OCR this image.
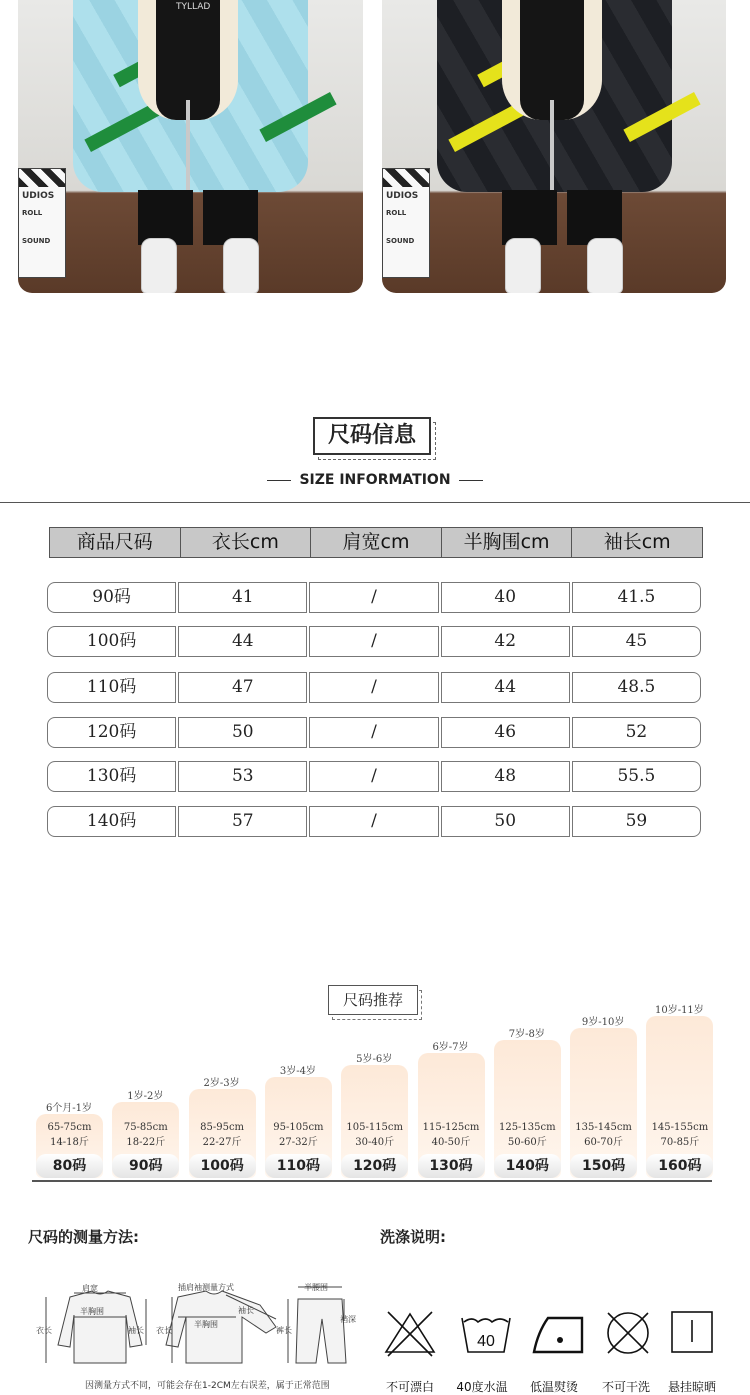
UDIOS
ROLL
SOUND
TYLLAD
UDIOS
ROLL
SOUND
尺码信息
SIZE INFORMATION
商品尺码	衣长cm	肩宽cm	半胸围cm	袖长cm
90码	41	/	40	41.5
100码	44	/	42	45
110码	47	/	44	48.5
120码	50	/	46	52
130码	53	/	48	55.5
140码	57	/	50	59
尺码推荐
6个月-1岁
65-75cm
14-18斤
80码
1岁-2岁
75-85cm
18-22斤
90码
2岁-3岁
85-95cm
22-27斤
100码
3岁-4岁
95-105cm
27-32斤
110码
5岁-6岁
105-115cm
30-40斤
120码
6岁-7岁
115-125cm
40-50斤
130码
7岁-8岁
125-135cm
50-60斤
140码
9岁-10岁
135-145cm
60-70斤
150码
10岁-11岁
145-155cm
70-85斤
160码
尺码的测量方法:
肩宽
半胸围
衣长	袖长
插肩袖测量方式
衣长
半胸围
袖长
半腰围
裤长
裆深
因测量方式不同，可能会存在1-2CM左右误差，属于正常范围
洗涤说明:
40
不可漂白	40度水温	低温熨烫	不可干洗	悬挂晾晒
